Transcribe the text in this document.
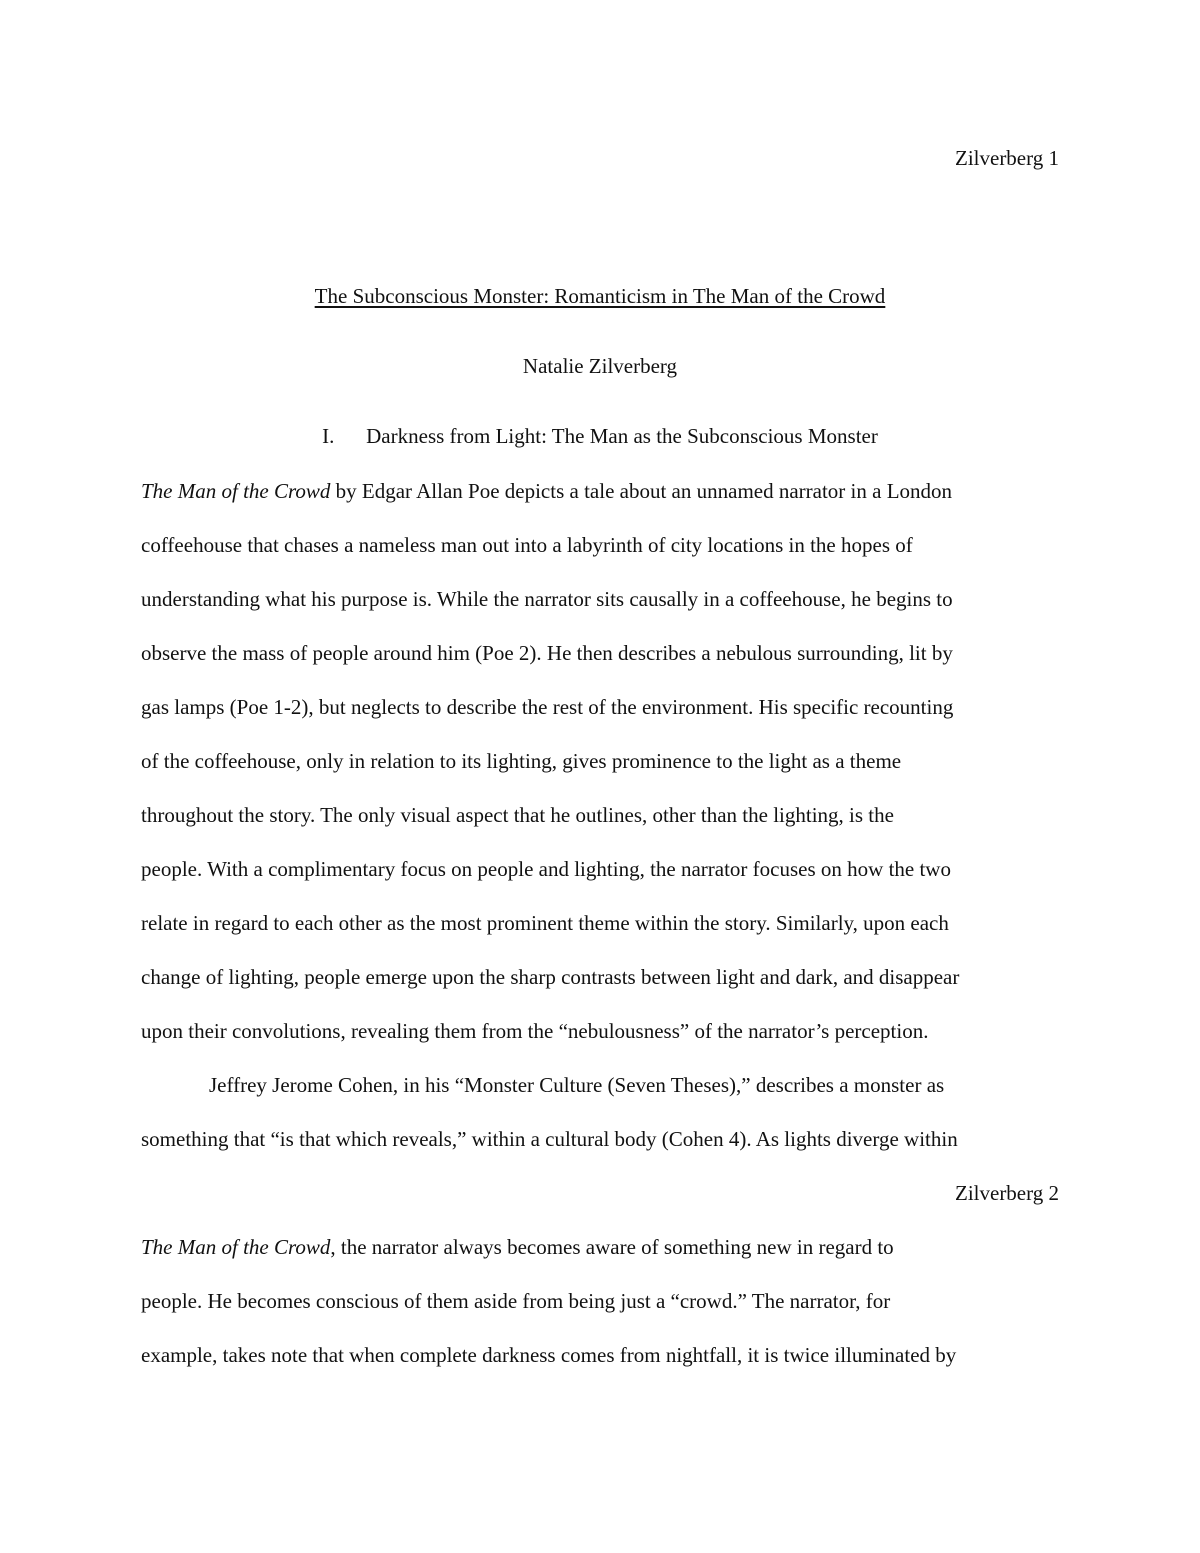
Zilverberg 1
The Subconscious Monster: Romanticism in The Man of the Crowd
Natalie Zilverberg
I. Darkness from Light: The Man as the Subconscious Monster
The Man of the Crowd by Edgar Allan Poe depicts a tale about an unnamed narrator in a London
coffeehouse that chases a nameless man out into a labyrinth of city locations in the hopes of
understanding what his purpose is. While the narrator sits causally in a coffeehouse, he begins to
observe the mass of people around him (Poe 2). He then describes a nebulous surrounding, lit by
gas lamps (Poe 1-2), but neglects to describe the rest of the environment. His specific recounting
of the coffeehouse, only in relation to its lighting, gives prominence to the light as a theme
throughout the story. The only visual aspect that he outlines, other than the lighting, is the
people. With a complimentary focus on people and lighting, the narrator focuses on how the two
relate in regard to each other as the most prominent theme within the story. Similarly, upon each
change of lighting, people emerge upon the sharp contrasts between light and dark, and disappear
upon their convolutions, revealing them from the “nebulousness” of the narrator’s perception.
Jeffrey Jerome Cohen, in his “Monster Culture (Seven Theses),” describes a monster as
something that “is that which reveals,” within a cultural body (Cohen 4). As lights diverge within
Zilverberg 2
The Man of the Crowd, the narrator always becomes aware of something new in regard to
people. He becomes conscious of them aside from being just a “crowd.” The narrator, for
example, takes note that when complete darkness comes from nightfall, it is twice illuminated by
